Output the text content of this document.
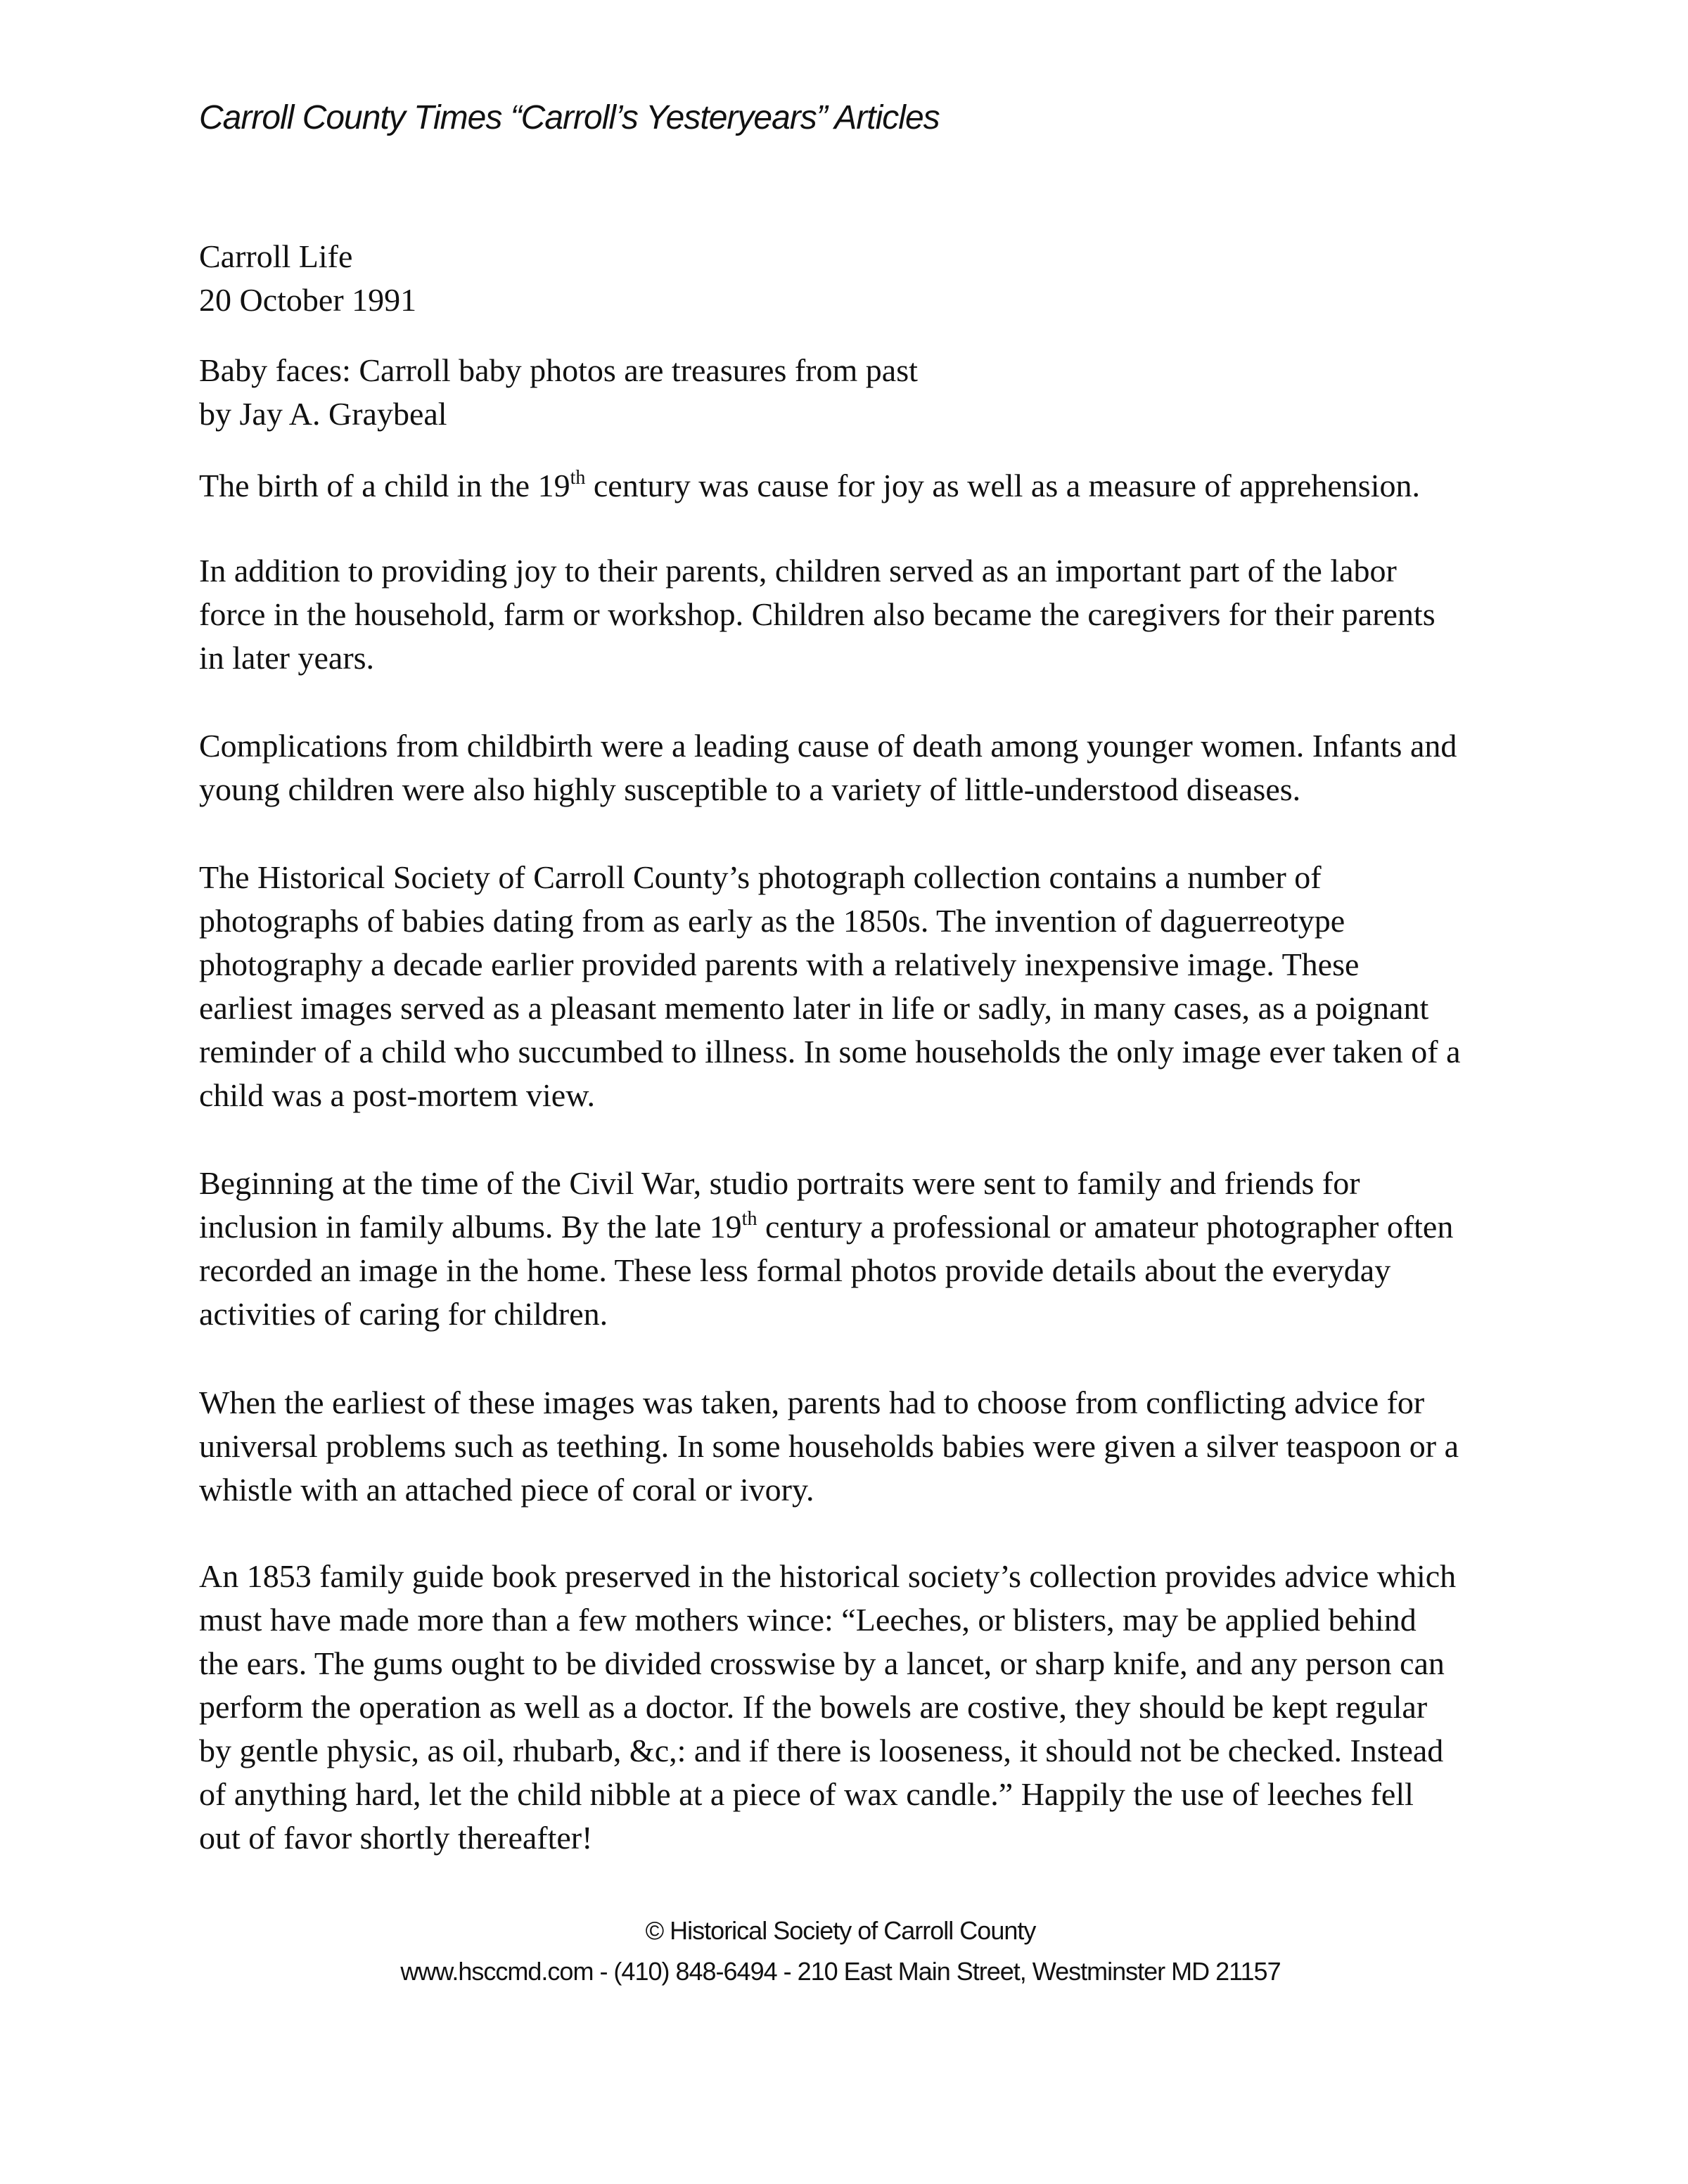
Carroll County Times “Carroll’s Yesteryears” Articles
Carroll Life
20 October 1991
Baby faces: Carroll baby photos are treasures from past
by Jay A. Graybeal
The birth of a child in the 19th century was cause for joy as well as a measure of apprehension.
In addition to providing joy to their parents, children served as an important part of the labor
force in the household, farm or workshop. Children also became the caregivers for their parents
in later years.
Complications from childbirth were a leading cause of death among younger women. Infants and
young children were also highly susceptible to a variety of little-understood diseases.
The Historical Society of Carroll County’s photograph collection contains a number of
photographs of babies dating from as early as the 1850s. The invention of daguerreotype
photography a decade earlier provided parents with a relatively inexpensive image. These
earliest images served as a pleasant memento later in life or sadly, in many cases, as a poignant
reminder of a child who succumbed to illness. In some households the only image ever taken of a
child was a post-mortem view.
Beginning at the time of the Civil War, studio portraits were sent to family and friends for
inclusion in family albums. By the late 19th century a professional or amateur photographer often
recorded an image in the home. These less formal photos provide details about the everyday
activities of caring for children.
When the earliest of these images was taken, parents had to choose from conflicting advice for
universal problems such as teething. In some households babies were given a silver teaspoon or a
whistle with an attached piece of coral or ivory.
An 1853 family guide book preserved in the historical society’s collection provides advice which
must have made more than a few mothers wince: “Leeches, or blisters, may be applied behind
the ears. The gums ought to be divided crosswise by a lancet, or sharp knife, and any person can
perform the operation as well as a doctor. If the bowels are costive, they should be kept regular
by gentle physic, as oil, rhubarb, &c,: and if there is looseness, it should not be checked. Instead
of anything hard, let the child nibble at a piece of wax candle.” Happily the use of leeches fell
out of favor shortly thereafter!
© Historical Society of Carroll County
www.hsccmd.com - (410) 848-6494 - 210 East Main Street, Westminster MD 21157
